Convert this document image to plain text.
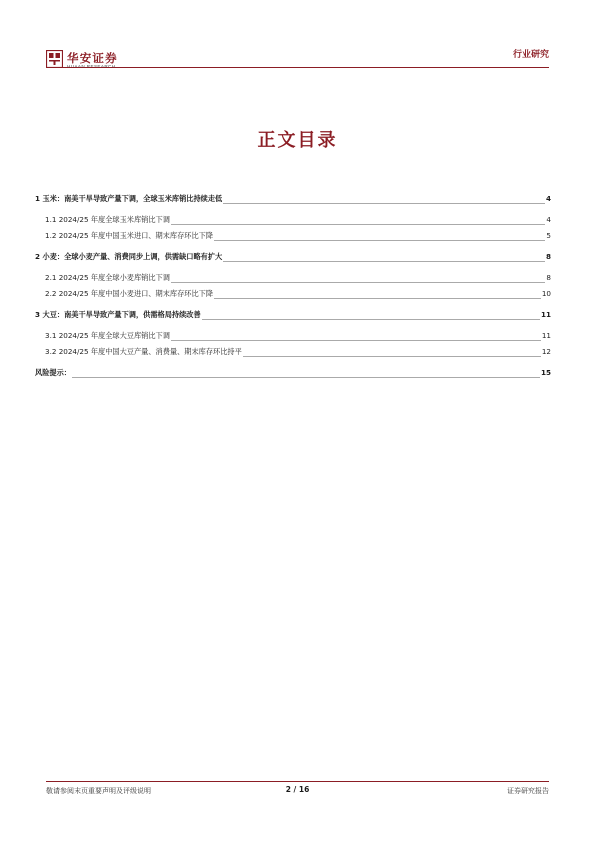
华安证券
HUAAN RESEARCH
行业研究
正文目录
1 玉米：南美干旱导致产量下调，全球玉米库销比持续走低	4
1.1 2024/25 年度全球玉米库销比下调	4
1.2 2024/25 年度中国玉米进口、期末库存环比下降	5
2 小麦：全球小麦产量、消费同步上调，供需缺口略有扩大	8
2.1 2024/25 年度全球小麦库销比下调	8
2.2 2024/25 年度中国小麦进口、期末库存环比下降	10
3 大豆：南美干旱导致产量下调，供需格局持续改善	11
3.1 2024/25 年度全球大豆库销比下调	11
3.2 2024/25 年度中国大豆产量、消费量、期末库存环比持平	12
风险提示：	15
敬请参阅末页重要声明及评级说明	2 / 16	证券研究报告
